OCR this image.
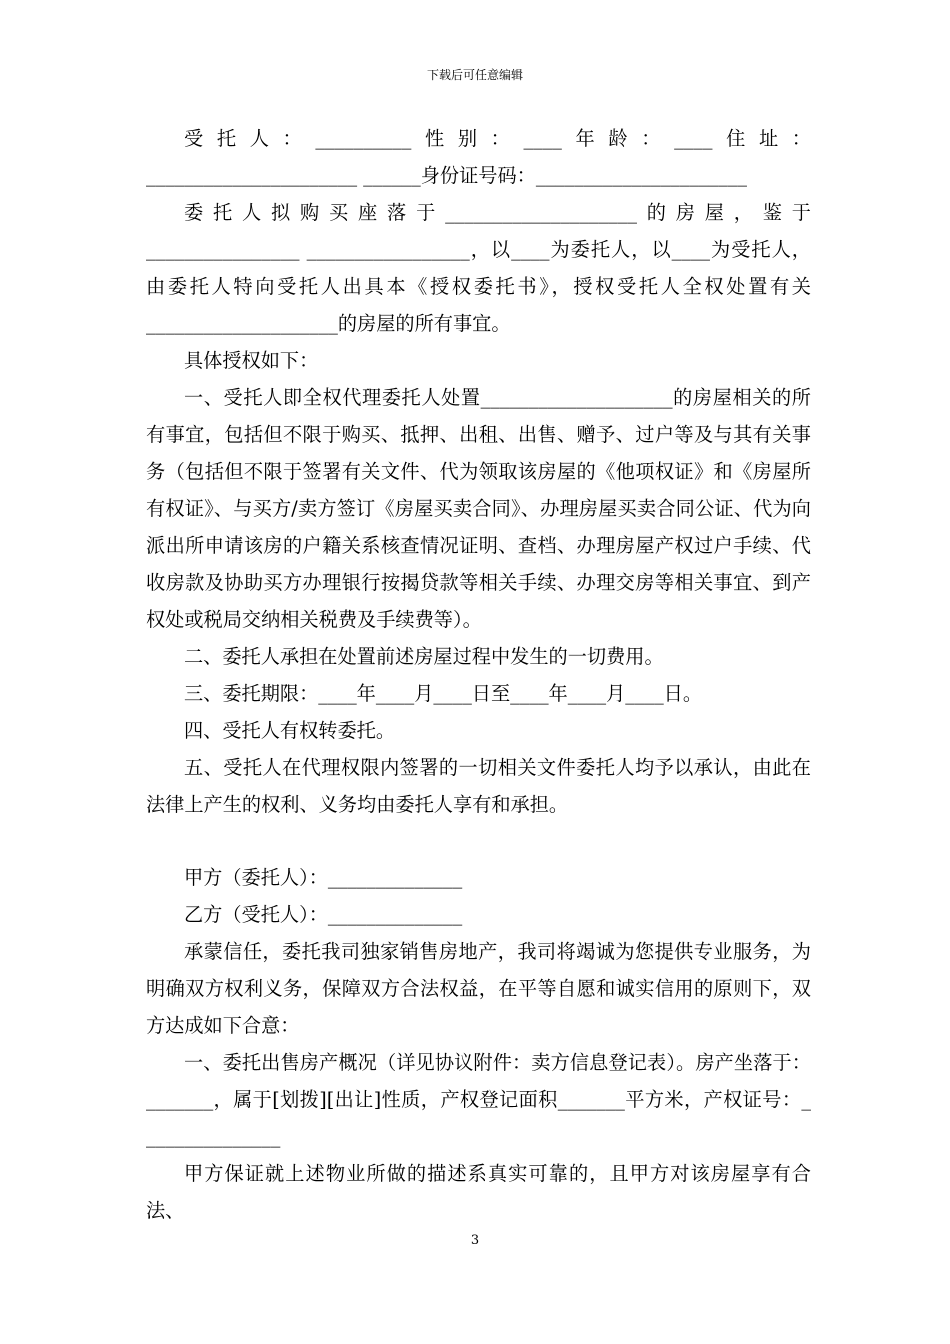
下载后可任意编辑

受托人：__________性别：____年龄：____住址：______________________ ______身份证号码：______________________

委托人拟购买座落于____________________的房屋，鉴于________________ _________________，以____为委托人，以____为受托人，由委托人特向受托人出具本《授权委托书》，授权受托人全权处置有关____________________的房屋的所有事宜。

具体授权如下：

一、受托人即全权代理委托人处置____________________的房屋相关的所有事宜，包括但不限于购买、抵押、出租、出售、赠予、过户等及与其有关事务（包括但不限于签署有关文件、代为领取该房屋的《他项权证》和《房屋所有权证》、与买方/卖方签订《房屋买卖合同》、办理房屋买卖合同公证、代为向派出所申请该房的户籍关系核查情况证明、查档、办理房屋产权过户手续、代收房款及协助买方办理银行按揭贷款等相关手续、办理交房等相关事宜、到产权处或税局交纳相关税费及手续费等）。

二、委托人承担在处置前述房屋过程中发生的一切费用。

三、委托期限：____年____月____日至____年____月____日。

四、受托人有权转委托。

五、受托人在代理权限内签署的一切相关文件委托人均予以承认，由此在法律上产生的权利、义务均由委托人享有和承担。

甲方（委托人）：______________

乙方（受托人）：______________

承蒙信任，委托我司独家销售房地产，我司将竭诚为您提供专业服务，为明确双方权利义务，保障双方合法权益，在平等自愿和诚实信用的原则下，双方达成如下合意：

一、委托出售房产概况（详见协议附件：卖方信息登记表）。房产坐落于：_______，属于[划拨][出让]性质，产权登记面积_______平方米，产权证号：_ ______________

甲方保证就上述物业所做的描述系真实可靠的，且甲方对该房屋享有合法、

3
